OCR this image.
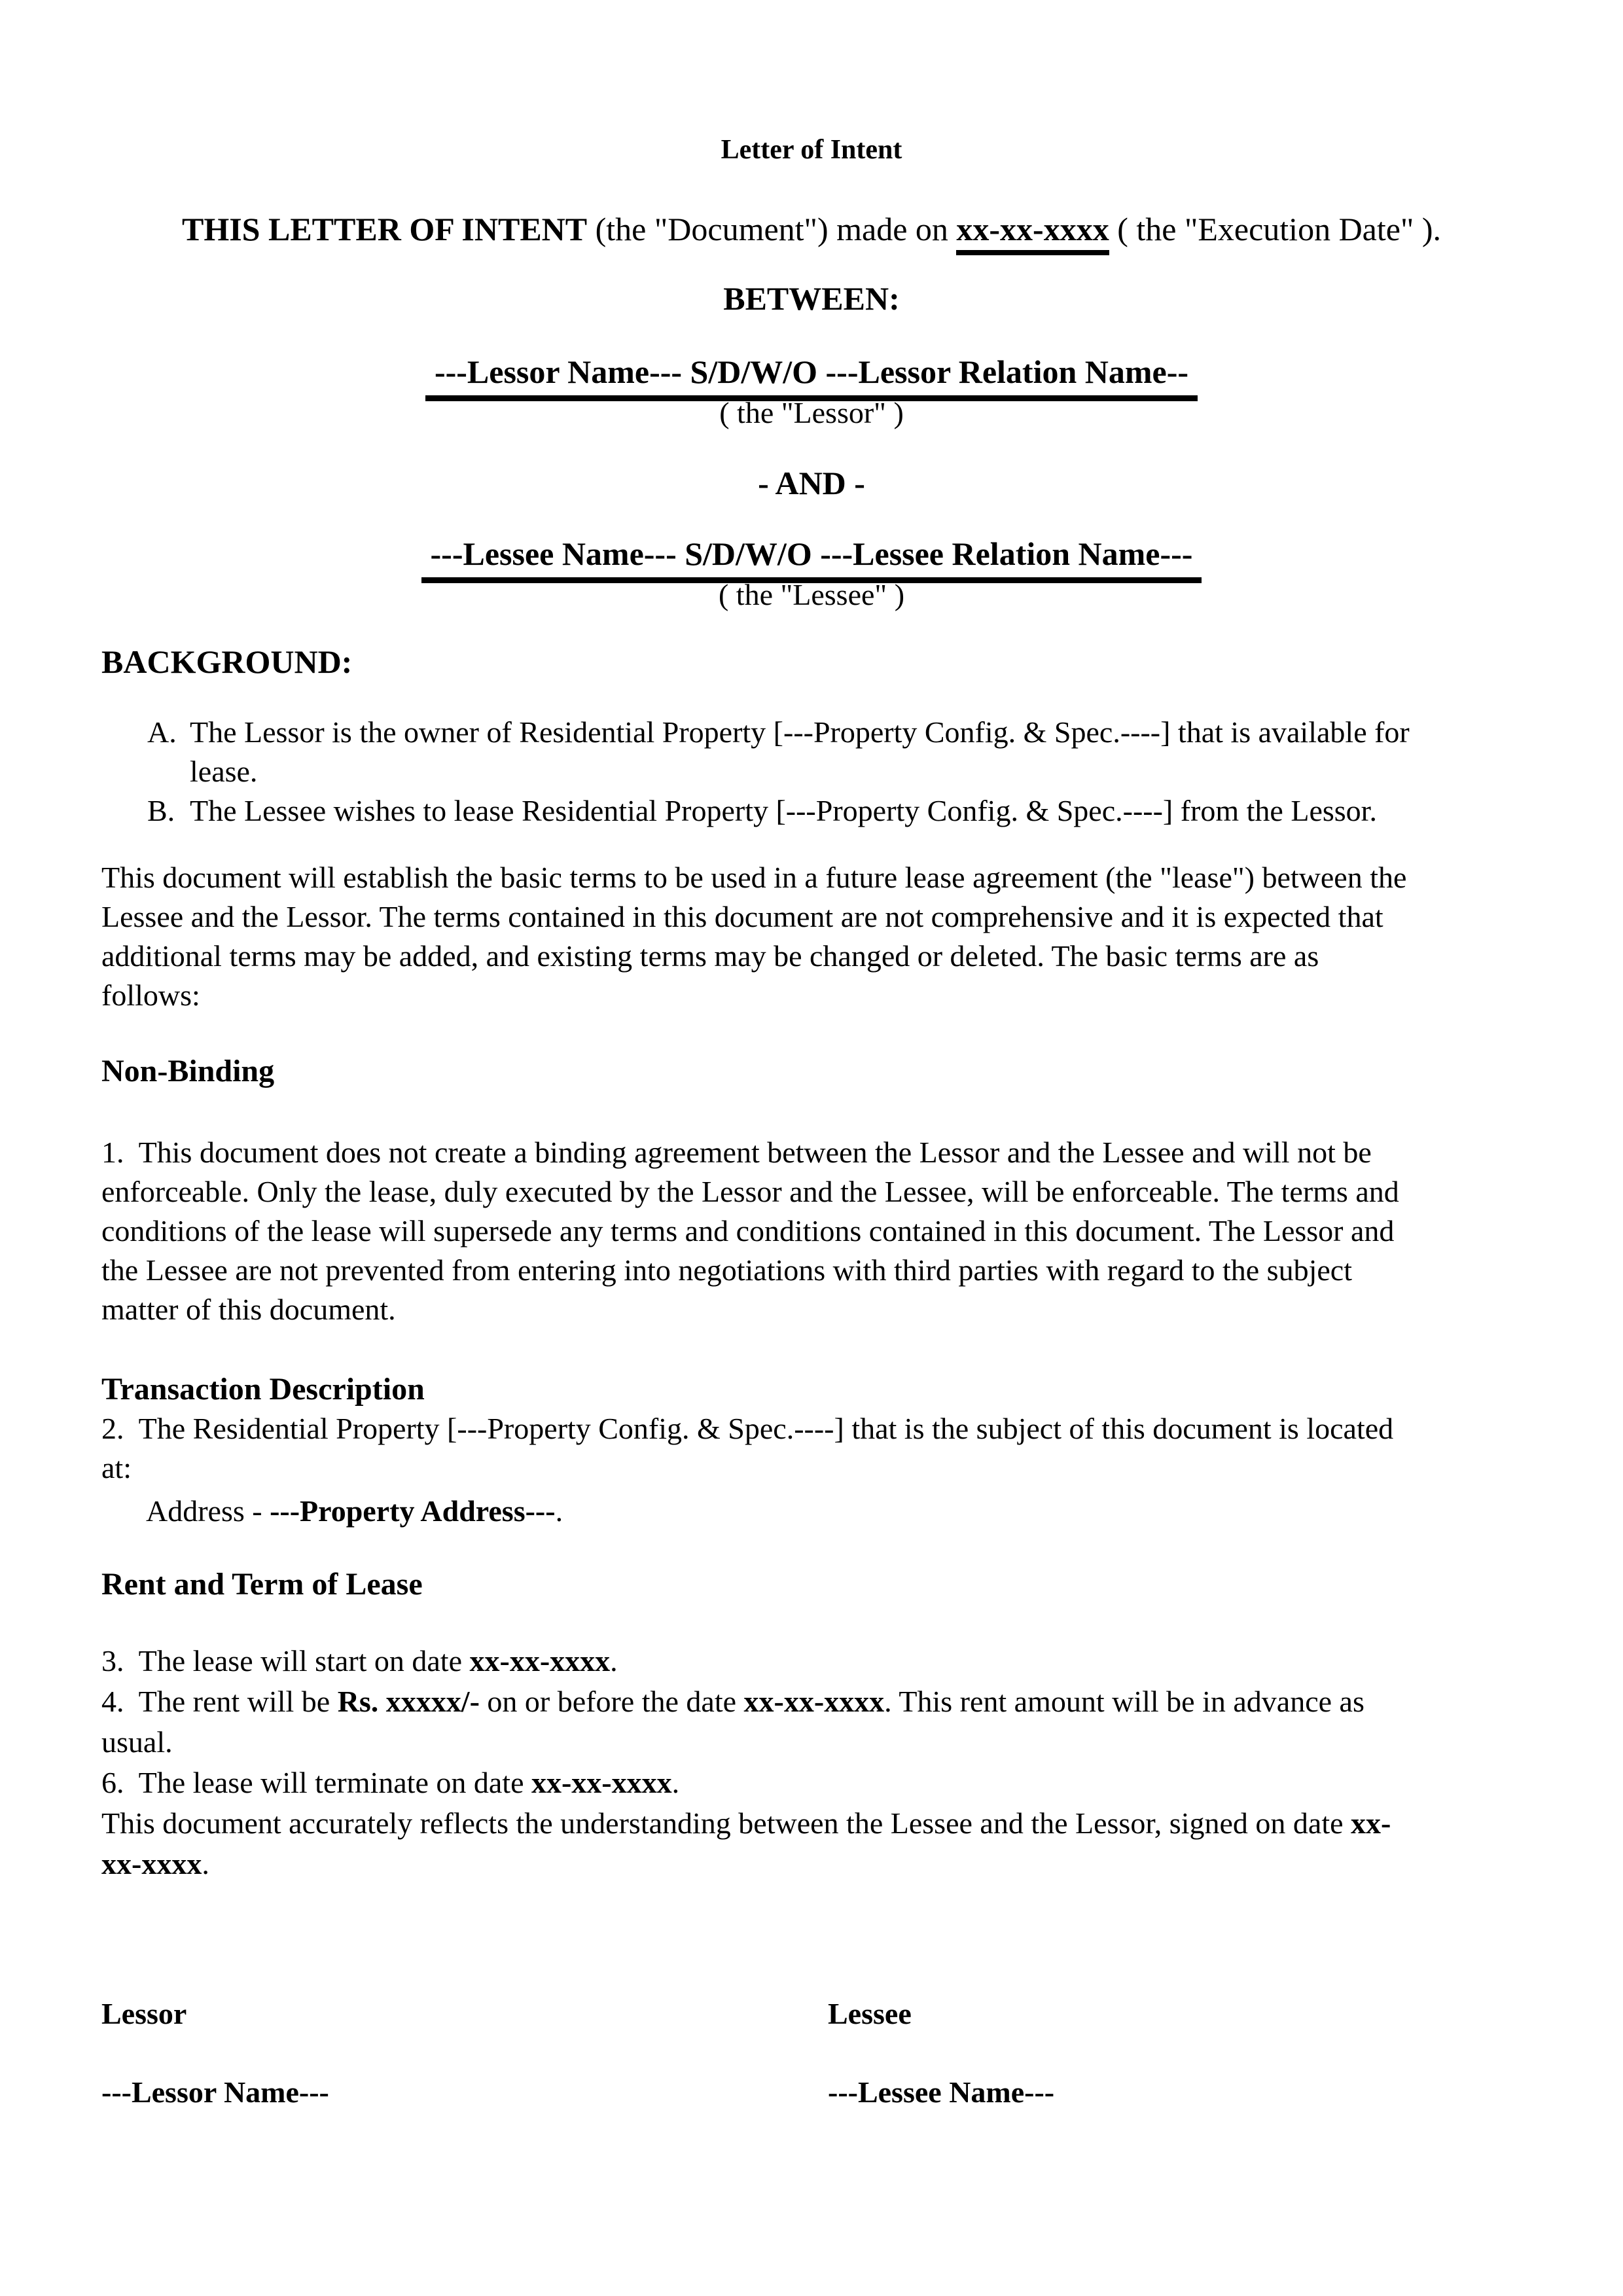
Letter of Intent
THIS LETTER OF INTENT (the "Document") made on xx-xx-xxxx ( the "Execution Date" ).
BETWEEN:
---Lessor Name--- S/D/W/O ---Lessor Relation Name--
( the "Lessor" )
- AND -
---Lessee Name--- S/D/W/O ---Lessee Relation Name---
( the "Lessee" )
BACKGROUND:
A. The Lessor is the owner of Residential Property [---Property Config. & Spec.----] that is available for
lease.
B. The Lessee wishes to lease Residential Property [---Property Config. & Spec.----] from the Lessor.
This document will establish the basic terms to be used in a future lease agreement (the "lease") between the
Lessee and the Lessor. The terms contained in this document are not comprehensive and it is expected that
additional terms may be added, and existing terms may be changed or deleted. The basic terms are as
follows:
Non-Binding
1.  This document does not create a binding agreement between the Lessor and the Lessee and will not be
enforceable. Only the lease, duly executed by the Lessor and the Lessee, will be enforceable. The terms and
conditions of the lease will supersede any terms and conditions contained in this document. The Lessor and
the Lessee are not prevented from entering into negotiations with third parties with regard to the subject
matter of this document.
Transaction Description
2.  The Residential Property [---Property Config. & Spec.----] that is the subject of this document is located
at:
Address - ---Property Address---.
Rent and Term of Lease
3.  The lease will start on date xx-xx-xxxx.
4.  The rent will be Rs. xxxxx/- on or before the date xx-xx-xxxx. This rent amount will be in advance as
usual.
6.  The lease will terminate on date xx-xx-xxxx.
This document accurately reflects the understanding between the Lessee and the Lessor, signed on date xx-
xx-xxxx.
Lessor	Lessee
---Lessor Name---	---Lessee Name---
